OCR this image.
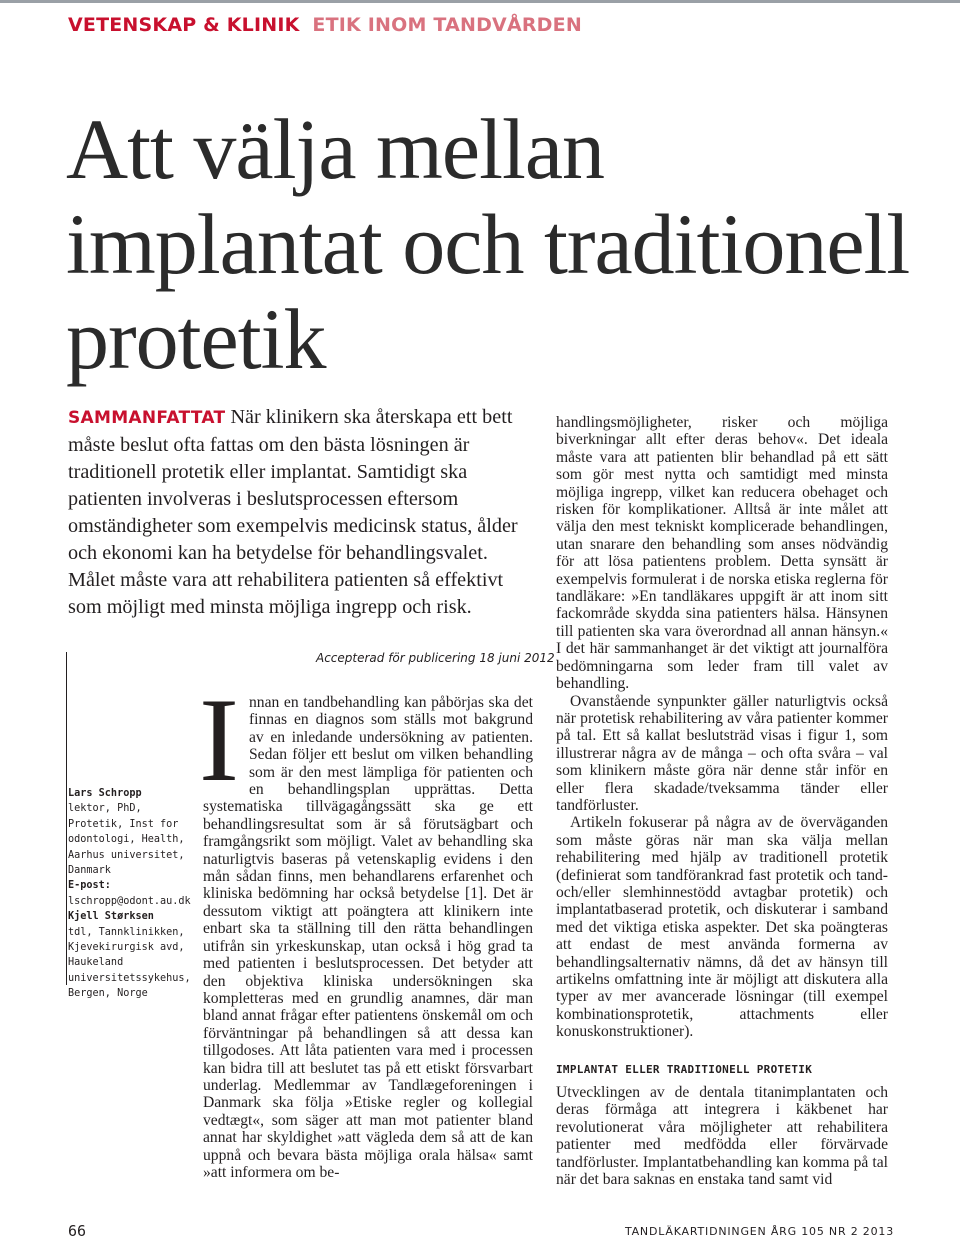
VETENSKAP & KLINIK ETIK INOM TANDVÅRDEN
Att välja mellan implantat och traditionell protetik

SAMMANFATTAT När klinikern ska återskapa ett bett måste beslut ofta fattas om den bästa lösningen är traditionell protetik eller implantat. Samtidigt ska patienten involveras i beslutsprocessen eftersom omständigheter som exempelvis medicinsk status, ålder och ekonomi kan ha betydelse för behandlingsvalet. Målet måste vara att rehabilitera patienten så effektivt som möjligt med minsta möjliga ingrepp och risk.

Lars Schropp
lektor, PhD, Protetik, Inst for odontologi, Health, Aarhus universitet, Danmark
E-post: lschropp@odont.au.dk
Kjell Størksen
tdl, Tannklinikken, Kjevekirurgisk avd, Haukeland universitetssykehus, Bergen, Norge
Accepterad för publicering 18 juni 2012

I nnan en tandbehandling kan påbörjas ska det finnas en diagnos som ställs mot bakgrund av en inledande undersökning av patienten. Sedan följer ett beslut om vilken behandling som är den mest lämpliga för patienten och en behandlingsplan upprättas. Detta systematiska tillvägagångssätt ska ge ett behandlingsresultat som är så förutsägbart och framgångsrikt som möjligt. Valet av behandling ska naturligtvis baseras på vetenskaplig evidens i den mån sådan finns, men behandlarens erfarenhet och kliniska bedömning har också betydelse [1]. Det är dessutom viktigt att poängtera att klinikern inte enbart ska ta ställning till den rätta behandlingen utifrån sin yrkeskunskap, utan också i hög grad ta med patienten i beslutsprocessen. Det betyder att den objektiva kliniska undersökningen ska kompletteras med en grundlig anamnes, där man bland annat frågar efter patientens önskemål om och förväntningar på behandlingen så att dessa kan tillgodoses. Att låta patienten vara med i processen kan bidra till att beslutet tas på ett etiskt försvarbart underlag. Medlemmar av Tandlægeforeningen i Danmark ska följa »Etiske regler og kollegial vedtægt«, som säger att man mot patienter bland annat har skyldighet »att vägleda dem så att de kan uppnå och bevara bästa möjliga orala hälsa« samt »att informera om be-

handlingsmöjligheter, risker och möjliga biverkningar allt efter deras behov«. Det ideala måste vara att patienten blir behandlad på ett sätt som gör mest nytta och samtidigt med minsta möjliga ingrepp, vilket kan reducera obehaget och risken för komplikationer. Alltså är inte målet att välja den mest tekniskt komplicerade behandlingen, utan snarare den behandling som anses nödvändig för att lösa patientens problem. Detta synsätt är exempelvis formulerat i de norska etiska reglerna för tandläkare: »En tandläkares uppgift är att inom sitt fackområde skydda sina patienters hälsa. Hänsynen till patienten ska vara överordnad all annan hänsyn.« I det här sammanhanget är det viktigt att journalföra bedömningarna som leder fram till valet av behandling.

Ovanstående synpunkter gäller naturligtvis också när protetisk rehabilitering av våra patienter kommer på tal. Ett så kallat beslutsträd visas i figur 1, som illustrerar några av de många – och ofta svåra – val som klinikern måste göra när denne står inför en eller flera skadade/tveksamma tänder eller tandförluster.

Artikeln fokuserar på några av de överväganden som måste göras när man ska välja mellan rehabilitering med hjälp av traditionell protetik (definierat som tandförankrad fast protetik och tand- och/eller slemhinnestödd avtagbar protetik) och implantatbaserad protetik, och diskuterar i samband med det viktiga etiska aspekter. Det ska poängteras att endast de mest använda formerna av behandlingsalternativ nämns, då det av hänsyn till artikelns omfattning inte är möjligt att diskutera alla typer av mer avancerade lösningar (till exempel kombinationsprotetik, attachments eller konuskonstruktioner).

IMPLANTAT ELLER TRADITIONELL PROTETIK

Utvecklingen av de dentala titanimplantaten och deras förmåga att integrera i käkbenet har revolutionerat våra möjligheter att rehabilitera patienter med medfödda eller förvärvade tandförluster. Implantatbehandling kan komma på tal när det bara saknas en enstaka tand samt vid

66	TANDLÄKARTIDNINGEN ÅRG 105 NR 2 2013
